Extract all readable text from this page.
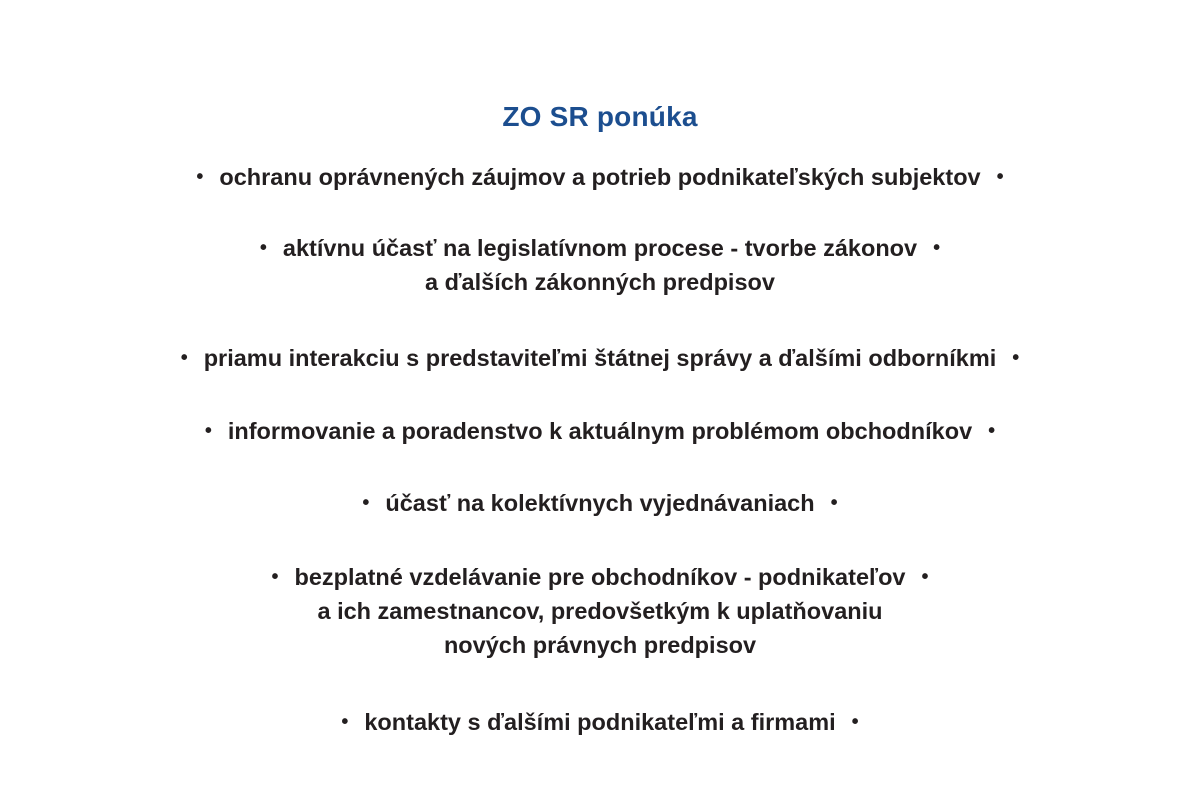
ZO SR ponúka
• ochranu oprávnených záujmov a potrieb podnikateľských subjektov •
• aktívnu účasť na legislatívnom procese - tvorbe zákonov •
a ďalších zákonných predpisov
• priamu interakciu s predstaviteľmi štátnej správy a ďalšími odborníkmi •
• informovanie a poradenstvo k aktuálnym problémom obchodníkov •
• účasť na kolektívnych vyjednávaniach •
• bezplatné vzdelávanie pre obchodníkov - podnikateľov •
a ich zamestnancov, predovšetkým k uplatňovaniu
nových právnych predpisov
• kontakty s ďalšími podnikateľmi a firmami •
